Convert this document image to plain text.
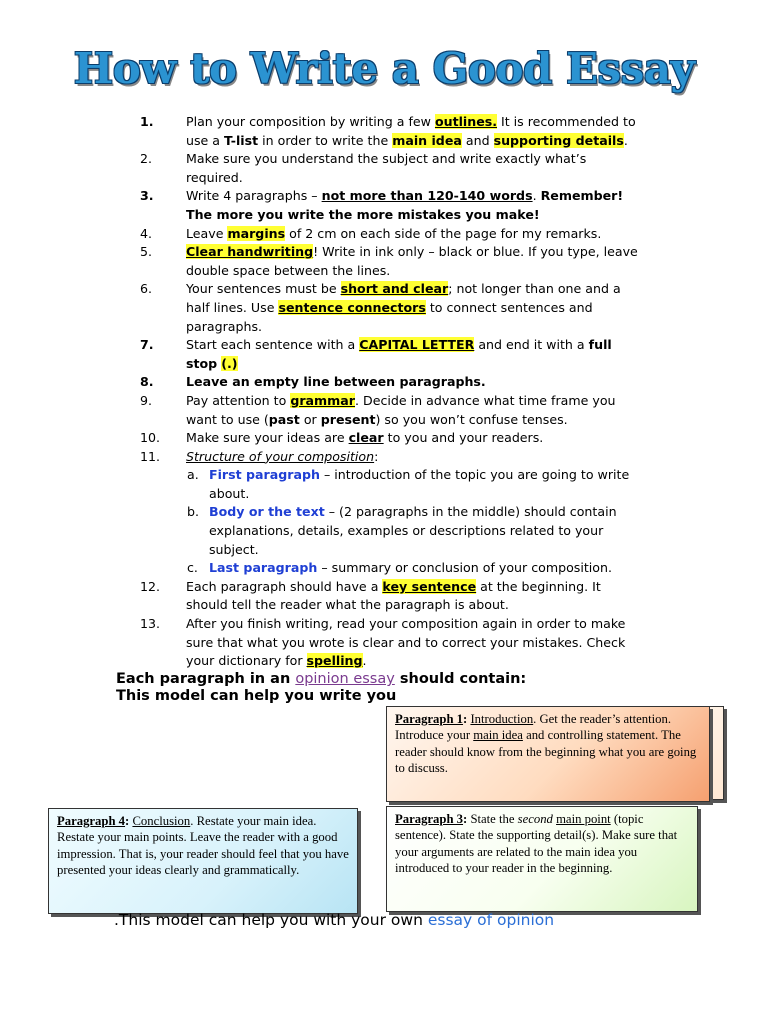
How to Write a Good Essay
1.	Plan your composition by writing a few outlines. It is recommended to use a T-list in order to write the main idea and supporting details.
2.	Make sure you understand the subject and write exactly what’s required.
3.	Write 4 paragraphs – not more than 120-140 words. Remember! The more you write the more mistakes you make!
4.	Leave margins of 2 cm on each side of the page for my remarks.
5.	Clear handwriting! Write in ink only – black or blue. If you type, leave double space between the lines.
6.	Your sentences must be short and clear; not longer than one and a half lines. Use sentence connectors to connect sentences and paragraphs.
7.	Start each sentence with a CAPITAL LETTER and end it with a full stop (.)
8.	Leave an empty line between paragraphs.
9.	Pay attention to grammar. Decide in advance what time frame you want to use (past or present) so you won’t confuse tenses.
10. Make sure your ideas are clear to you and your readers.
11. Structure of your composition:
a. First paragraph – introduction of the topic you are going to write about.
b. Body or the text – (2 paragraphs in the middle) should contain explanations, details, examples or descriptions related to your subject.
c. Last paragraph – summary or conclusion of your composition.
12. Each paragraph should have a key sentence at the beginning. It should tell the reader what the paragraph is about.
13. After you finish writing, read your composition again in order to make sure that what you wrote is clear and to correct your mistakes. Check your dictionary for spelling.
Each paragraph in an opinion essay should contain:
This model can help you write you
Paragraph 1: Introduction. Get the reader’s attention. Introduce your main idea and controlling statement. The reader should know from the beginning what you are going to discuss.
Paragraph 4: Conclusion. Restate your main idea. Restate your main points. Leave the reader with a good impression. That is, your reader should feel that you have presented your ideas clearly and grammatically.
Paragraph 3: State the second main point (topic sentence). State the supporting detail(s). Make sure that your arguments are related to the main idea you introduced to your reader in the beginning.
.This model can help you with your own essay of opinion
